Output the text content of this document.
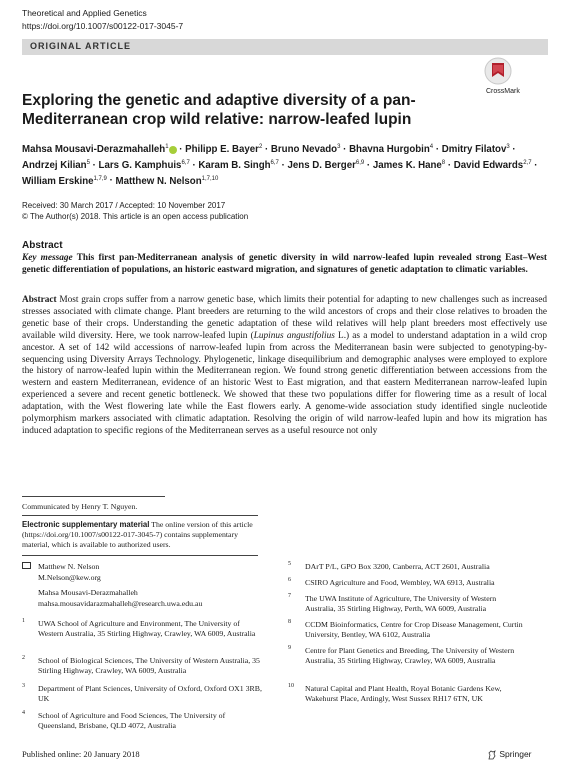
Theoretical and Applied Genetics
https://doi.org/10.1007/s00122-017-3045-7
ORIGINAL ARTICLE
CrossMark
Exploring the genetic and adaptive diversity of a pan-Mediterranean crop wild relative: narrow-leafed lupin
Mahsa Mousavi-Derazmahalleh$^1$ · Philipp E. Bayer$^2$ · Bruno Nevado$^3$ · Bhavna Hurgobin$^4$ · Dmitry Filatov$^3$ · Andrzej Kilian$^5$ · Lars G. Kamphuis$^{6,7}$ · Karam B. Singh$^{6,7}$ · Jens D. Berger$^{6,9}$ · James K. Hane$^8$ · David Edwards$^{2,7}$ · William Erskine$^{1,7,9}$ · Matthew N. Nelson$^{1,7,10}$
Received: 30 March 2017 / Accepted: 10 November 2017
© The Author(s) 2018. This article is an open access publication
Abstract
Key message This first pan-Mediterranean analysis of genetic diversity in wild narrow-leafed lupin revealed strong East–West genetic differentiation of populations, an historic eastward migration, and signatures of genetic adaptation to climatic variables.
Abstract Most grain crops suffer from a narrow genetic base, which limits their potential for adapting to new challenges such as increased stresses associated with climate change. Plant breeders are returning to the wild ancestors of crops and their close relatives to broaden the genetic base of their crops. Understanding the genetic adaptation of these wild relatives will help plant breeders most effectively use available wild diversity. Here, we took narrow-leafed lupin (Lupinus angustifolius L.) as a model to understand adaptation in a wild crop ancestor. A set of 142 wild accessions of narrow-leafed lupin from across the Mediterranean basin were subjected to genotyping-by-sequencing using Diversity Arrays Technology. Phylogenetic, linkage disequilibrium and demographic analyses were employed to explore the history of narrow-leafed lupin within the Mediterranean region. We found strong genetic differentiation between accessions from the western and eastern Mediterranean, evidence of an historic West to East migration, and that eastern Mediterranean narrow-leafed lupin experienced a severe and recent genetic bottleneck. We showed that these two populations differ for flowering time as a result of local adaptation, with the West flowering late while the East flowers early. A genome-wide association study identified single nucleotide polymorphism markers associated with climatic adaptation. Resolving the origin of wild narrow-leafed lupin and how its migration has induced adaptation to specific regions of the Mediterranean serves as a useful resource not only
Communicated by Henry T. Nguyen.
Electronic supplementary material The online version of this article (https://doi.org/10.1007/s00122-017-3045-7) contains supplementary material, which is available to authorized users.
Matthew N. Nelson
M.Nelson@kew.org
Mahsa Mousavi-Derazmahalleh
mahsa.mousavidarazmahalleh@research.uwa.edu.au
1 UWA School of Agriculture and Environment, The University of Western Australia, 35 Stirling Highway, Crawley, WA 6009, Australia
2 School of Biological Sciences, The University of Western Australia, 35 Stirling Highway, Crawley, WA 6009, Australia
3 Department of Plant Sciences, University of Oxford, Oxford OX1 3RB, UK
4 School of Agriculture and Food Sciences, The University of Queensland, Brisbane, QLD 4072, Australia
5 DArT P/L, GPO Box 3200, Canberra, ACT 2601, Australia
6 CSIRO Agriculture and Food, Wembley, WA 6913, Australia
7 The UWA Institute of Agriculture, The University of Western Australia, 35 Stirling Highway, Perth, WA 6009, Australia
8 CCDM Bioinformatics, Centre for Crop Disease Management, Curtin University, Bentley, WA 6102, Australia
9 Centre for Plant Genetics and Breeding, The University of Western Australia, 35 Stirling Highway, Crawley, WA 6009, Australia
10 Natural Capital and Plant Health, Royal Botanic Gardens Kew, Wakehurst Place, Ardingly, West Sussex RH17 6TN, UK
Published online: 20 January 2018	Springer
